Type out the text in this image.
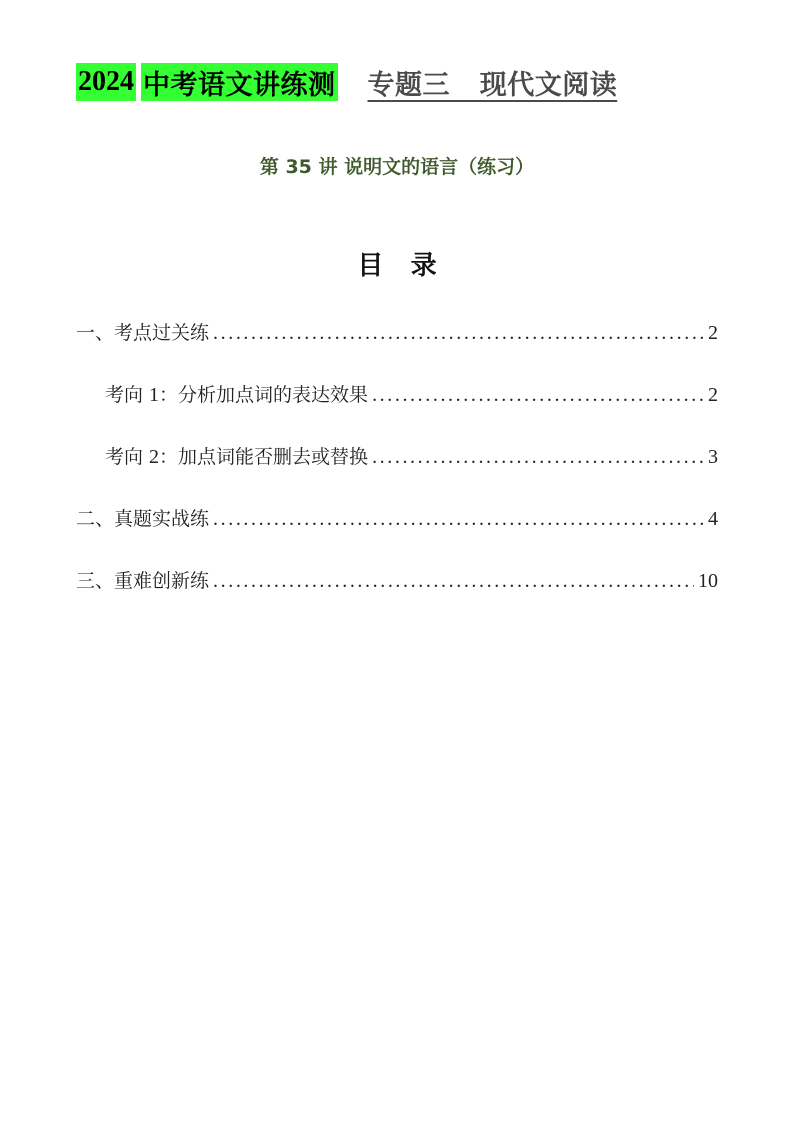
2024 中考语文讲练测 专题三   现代文阅读
第 35 讲 说明文的语言（练习）
目   录
一、考点过关练 .....	2
考向 1：分析加点词的表达效果 .....	2
考向 2：加点词能否删去或替换 .....	3
二、真题实战练 .....	4
三、重难创新练 .....	10
